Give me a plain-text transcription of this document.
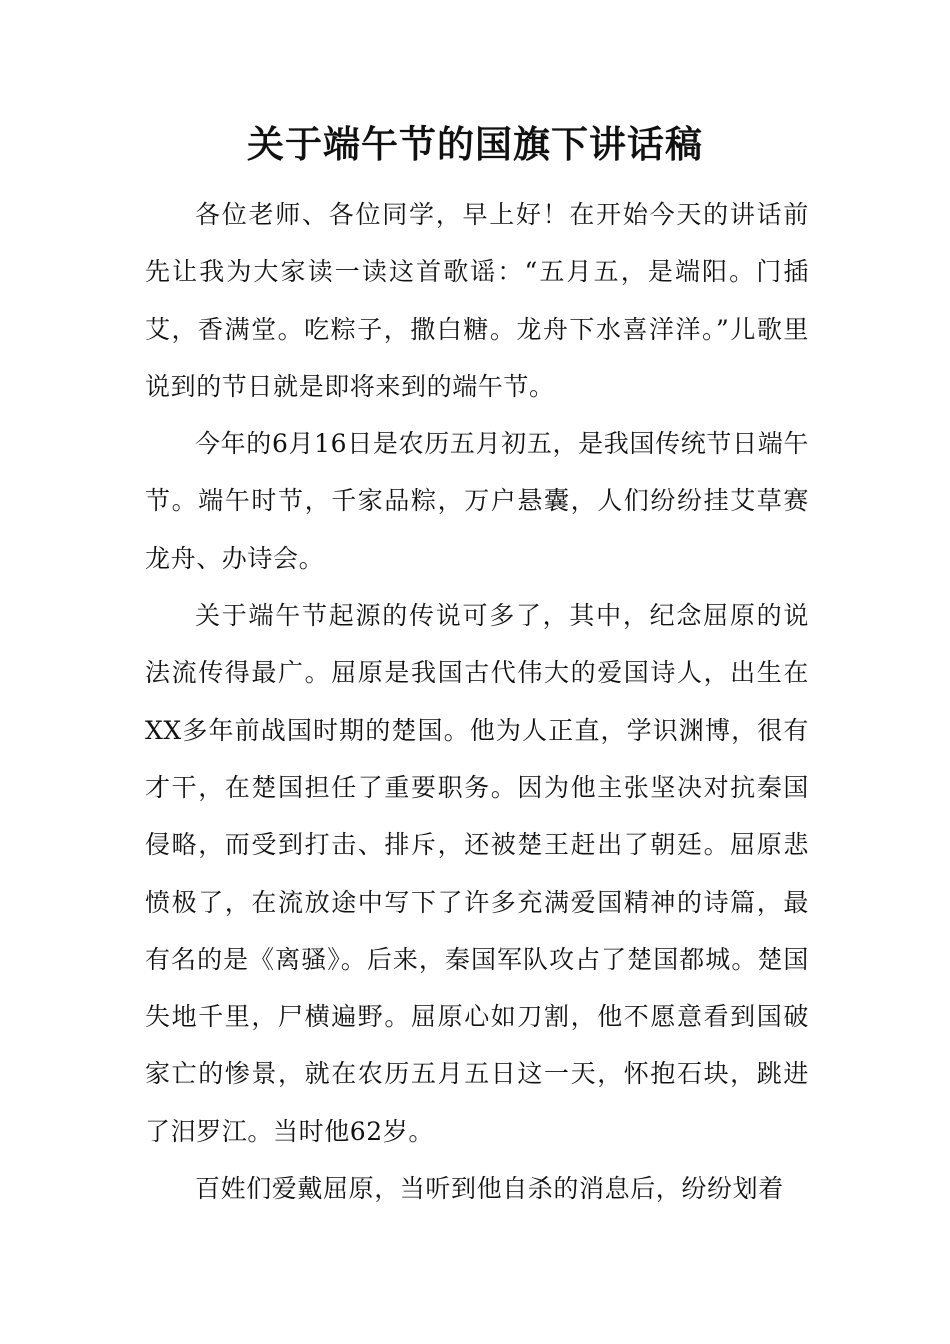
关于端午节的国旗下讲话稿

各位老师、各位同学，早上好！在开始今天的讲话前先让我为大家读一读这首歌谣：“五月五，是端阳。门插艾，香满堂。吃粽子，撒白糖。龙舟下水喜洋洋。”儿歌里说到的节日就是即将来到的端午节。

今年的6月16日是农历五月初五，是我国传统节日端午节。端午时节，千家品粽，万户悬囊，人们纷纷挂艾草赛龙舟、办诗会。

关于端午节起源的传说可多了，其中，纪念屈原的说法流传得最广。屈原是我国古代伟大的爱国诗人，出生在XX多年前战国时期的楚国。他为人正直，学识渊博，很有才干，在楚国担任了重要职务。因为他主张坚决对抗秦国侵略，而受到打击、排斥，还被楚王赶出了朝廷。屈原悲愤极了，在流放途中写下了许多充满爱国精神的诗篇，最有名的是《离骚》。后来，秦国军队攻占了楚国都城。楚国失地千里，尸横遍野。屈原心如刀割，他不愿意看到国破家亡的惨景，就在农历五月五日这一天，怀抱石块，跳进了汨罗江。当时他62岁。

百姓们爱戴屈原，当听到他自杀的消息后，纷纷划着
